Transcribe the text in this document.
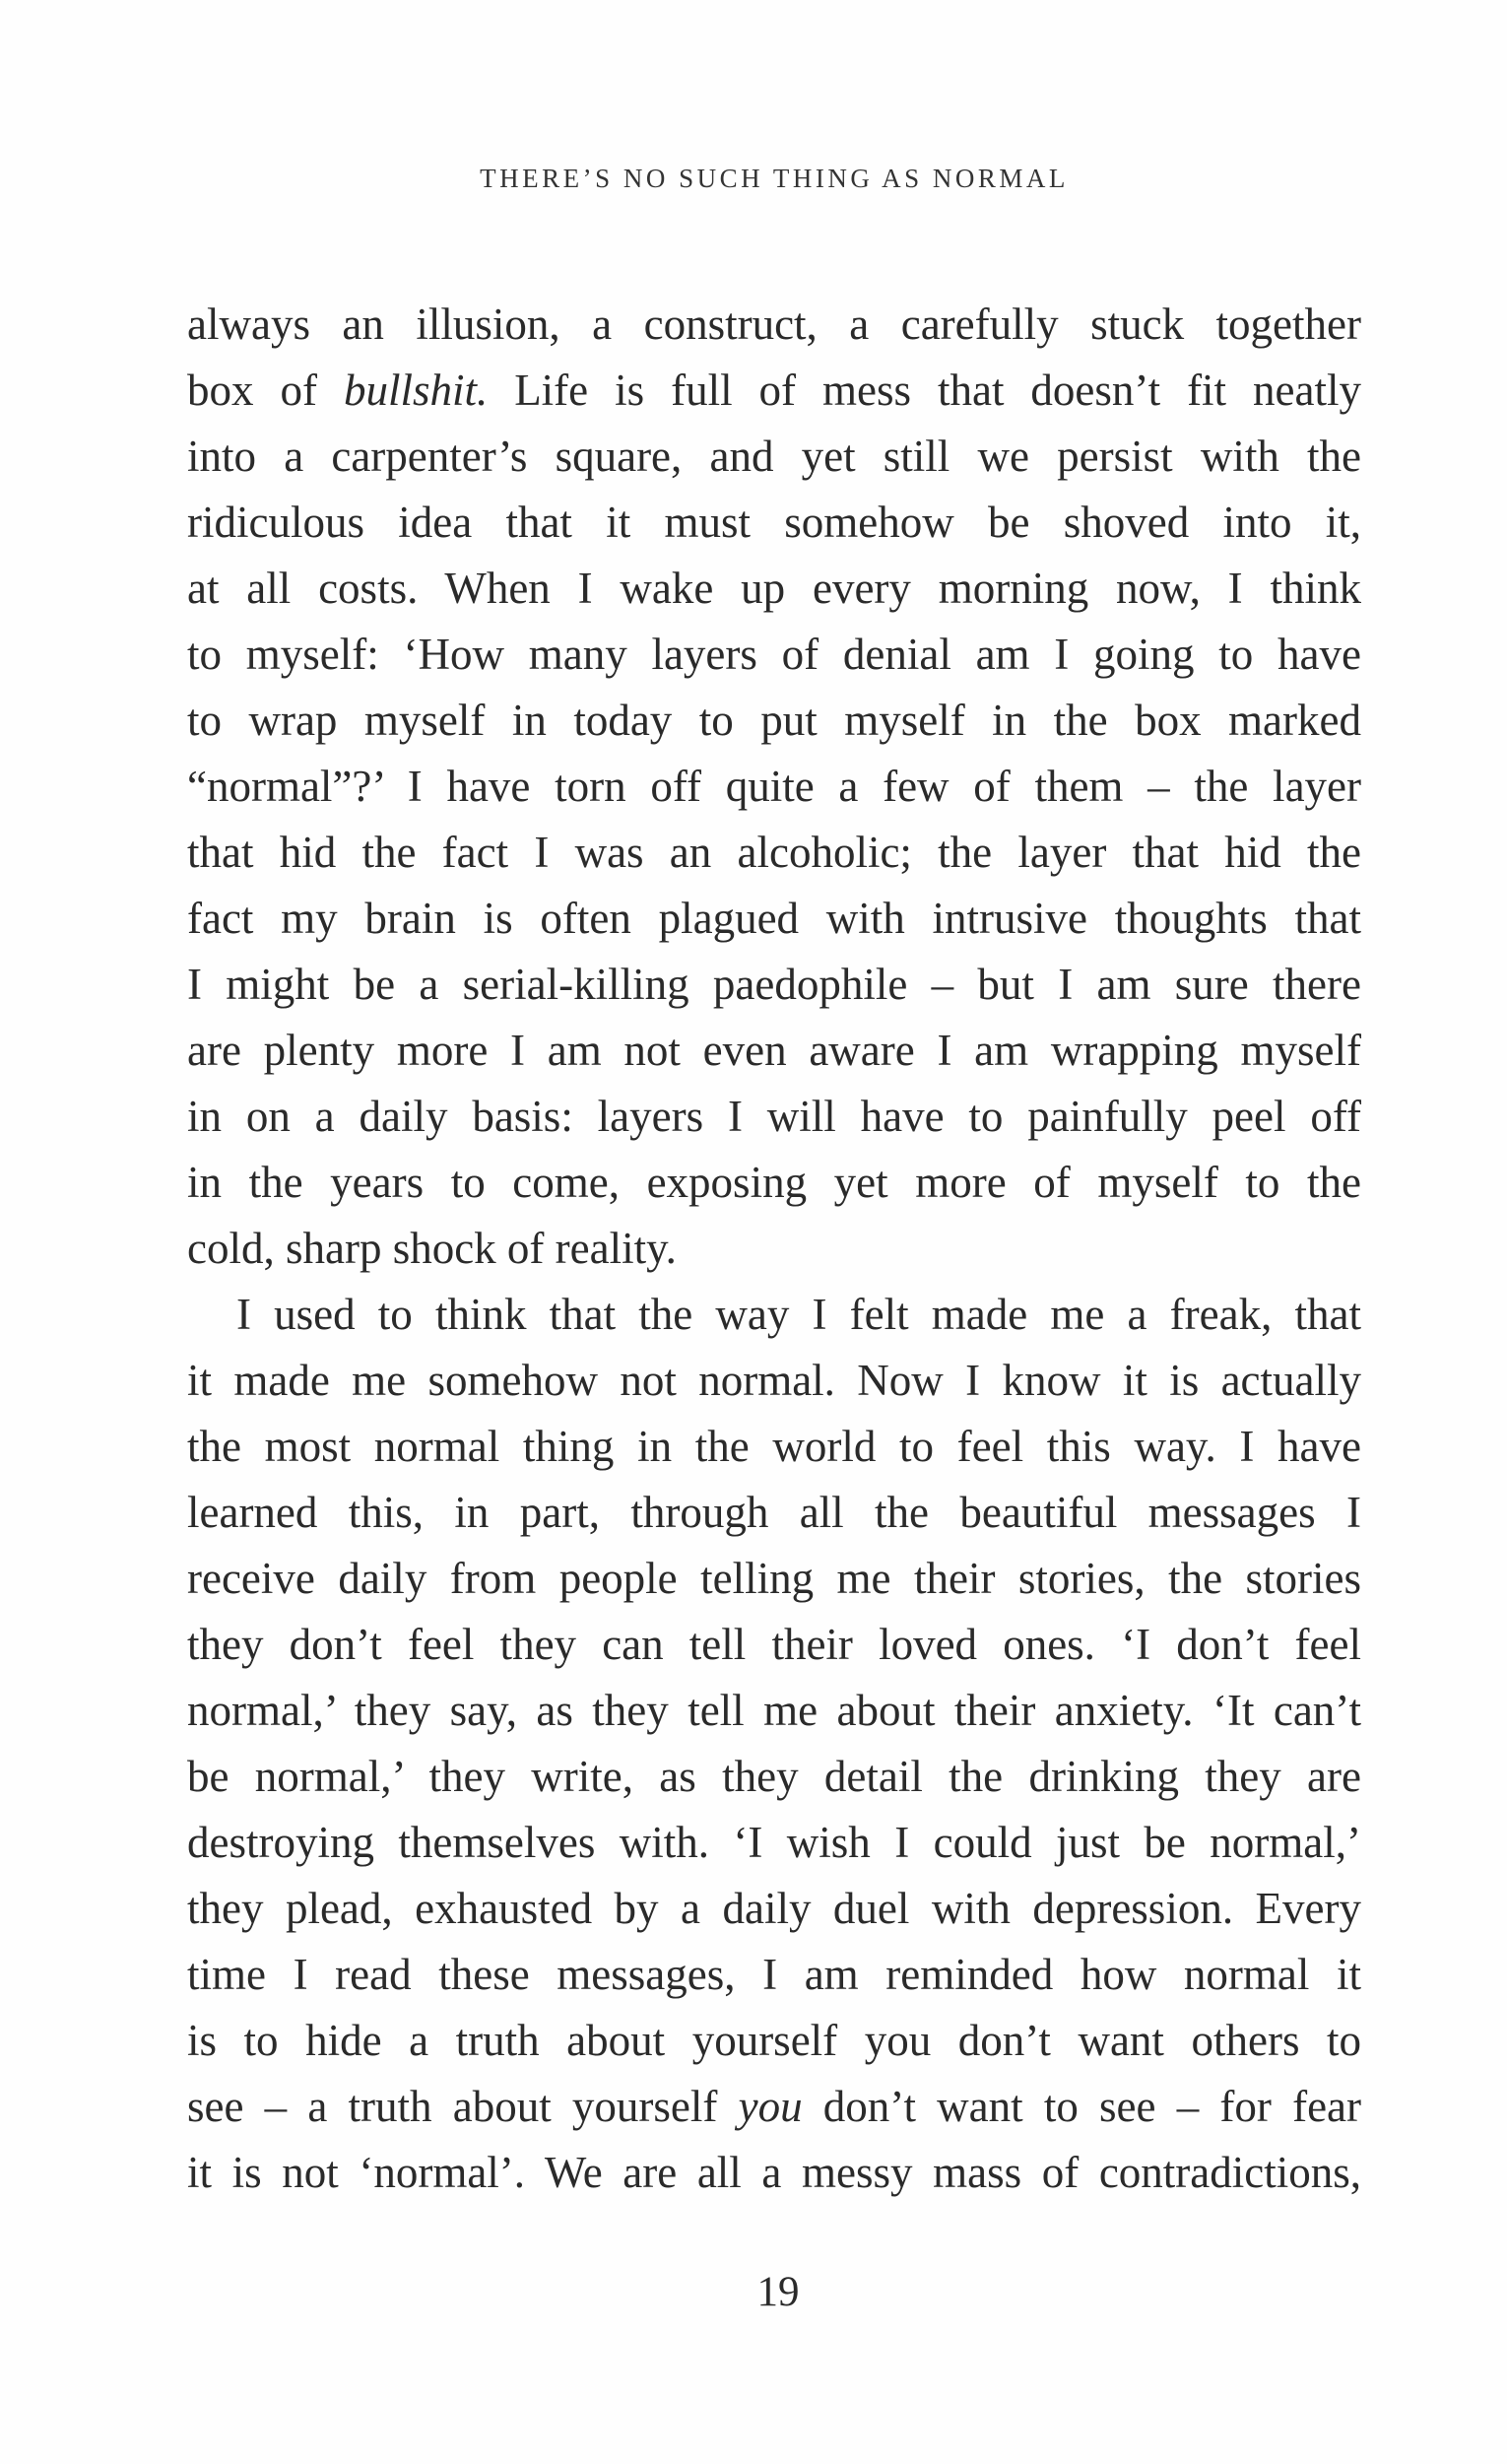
THERE’S NO SUCH THING AS NORMAL

always an illusion, a construct, a carefully stuck together
box of bullshit. Life is full of mess that doesn’t fit neatly
into a carpenter’s square, and yet still we persist with the
ridiculous idea that it must somehow be shoved into it,
at all costs. When I wake up every morning now, I think
to myself: ‘How many layers of denial am I going to have
to wrap myself in today to put myself in the box marked
“normal”?’ I have torn off quite a few of them – the layer
that hid the fact I was an alcoholic; the layer that hid the
fact my brain is often plagued with intrusive thoughts that
I might be a serial-killing paedophile – but I am sure there
are plenty more I am not even aware I am wrapping myself
in on a daily basis: layers I will have to painfully peel off
in the years to come, exposing yet more of myself to the
cold, sharp shock of reality.

I used to think that the way I felt made me a freak, that
it made me somehow not normal. Now I know it is actually
the most normal thing in the world to feel this way. I have
learned this, in part, through all the beautiful messages I
receive daily from people telling me their stories, the stories
they don’t feel they can tell their loved ones. ‘I don’t feel
normal,’ they say, as they tell me about their anxiety. ‘It can’t
be normal,’ they write, as they detail the drinking they are
destroying themselves with. ‘I wish I could just be normal,’
they plead, exhausted by a daily duel with depression. Every
time I read these messages, I am reminded how normal it
is to hide a truth about yourself you don’t want others to
see – a truth about yourself you don’t want to see – for fear
it is not ‘normal’. We are all a messy mass of contradictions,

19
